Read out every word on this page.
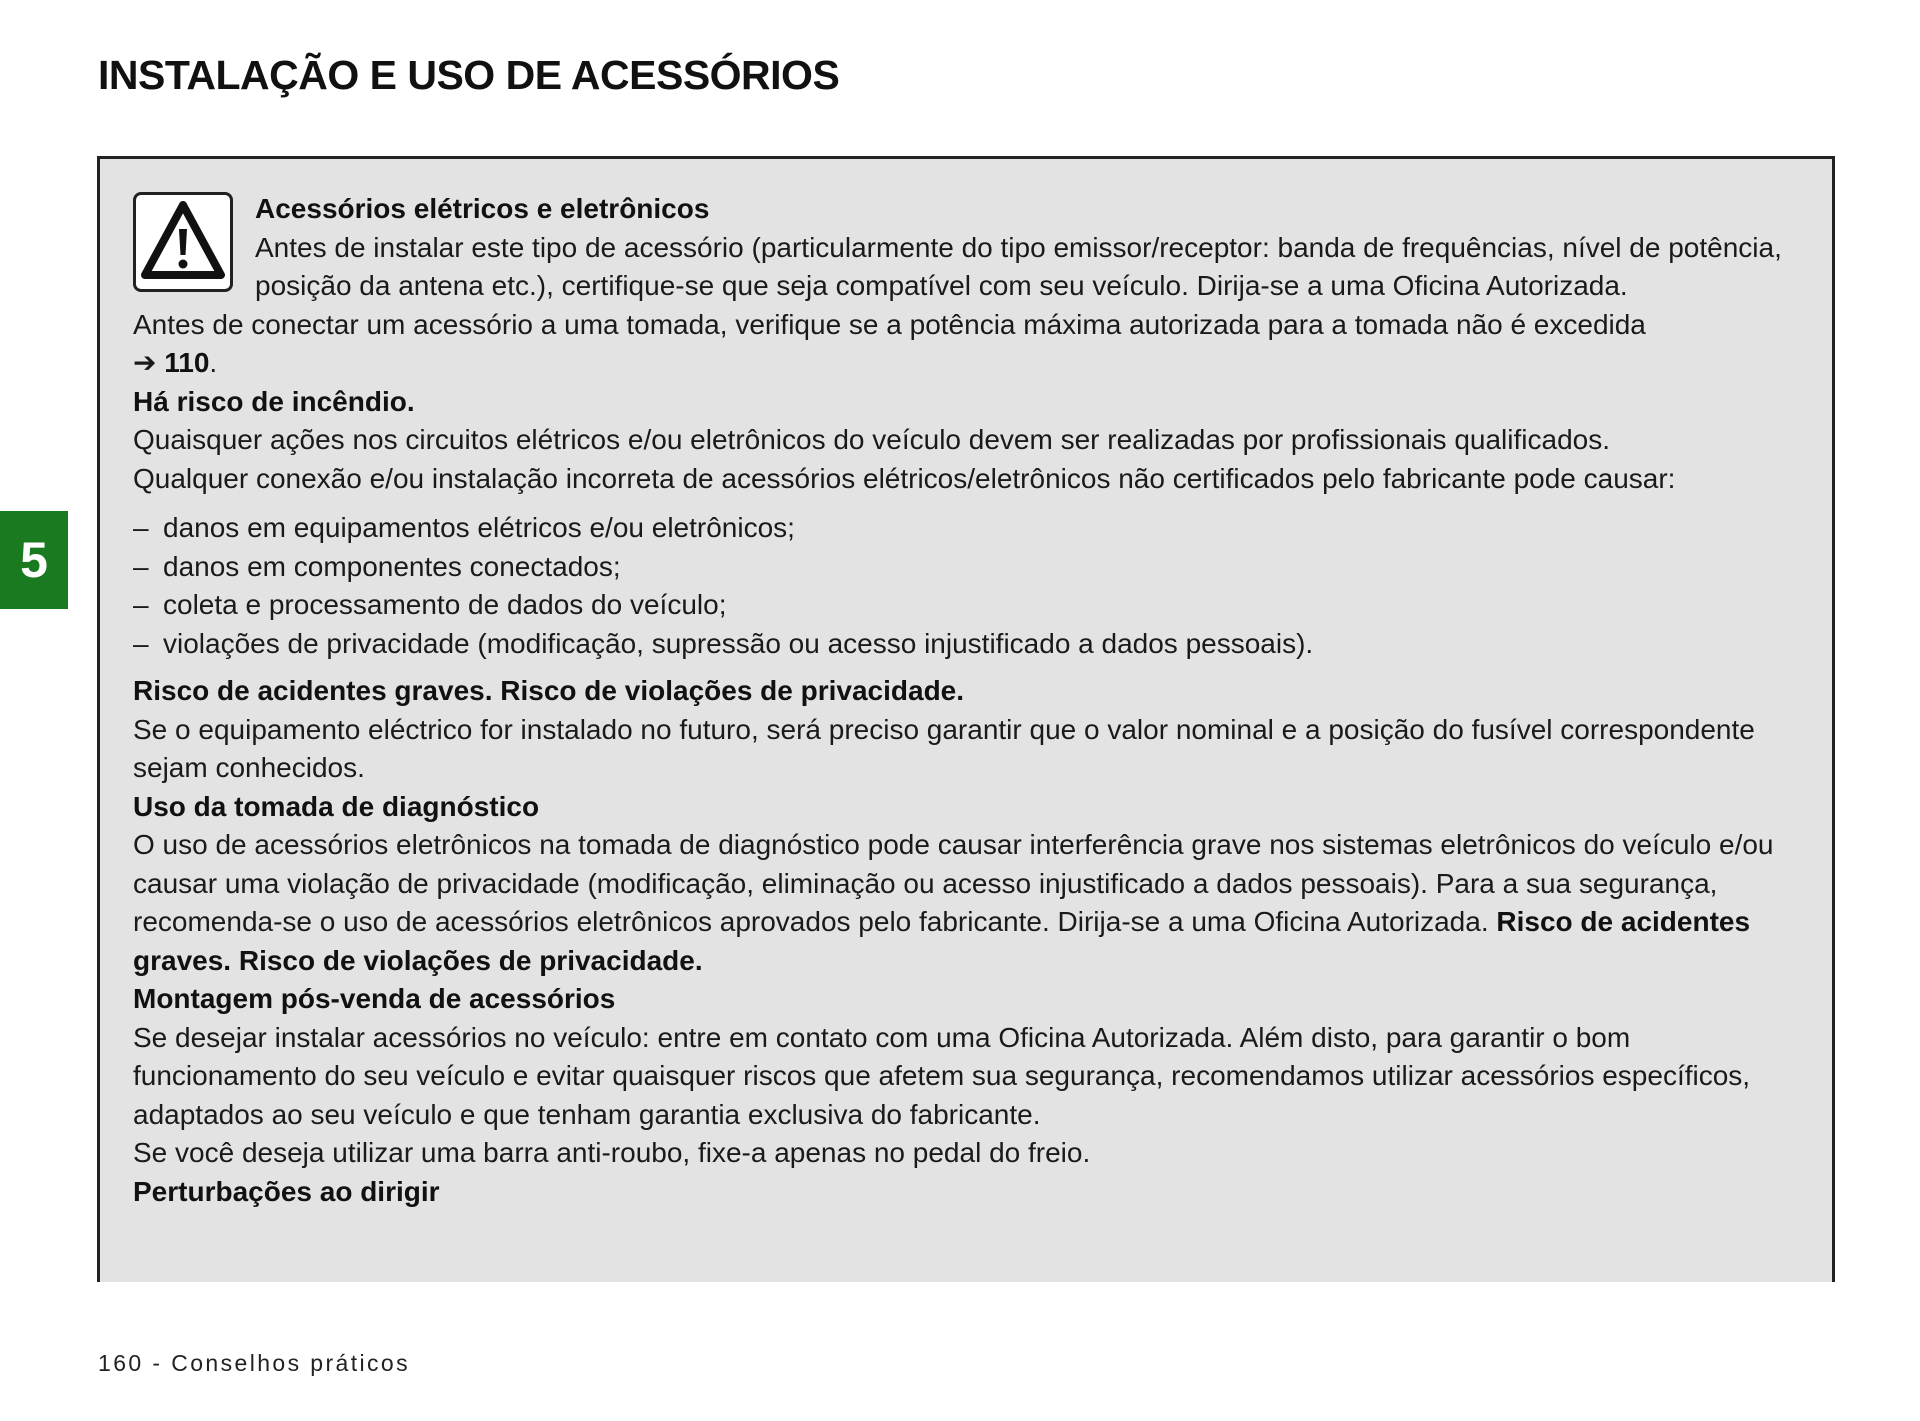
INSTALAÇÃO E USO DE ACESSÓRIOS
5

Acessórios elétricos e eletrônicos

Antes de instalar este tipo de acessório (particularmente do tipo emissor/receptor: banda de frequências, nível de potência, posição da antena etc.), certifique-se que seja compatível com seu veículo. Dirija-se a uma Oficina Autorizada.

Antes de conectar um acessório a uma tomada, verifique se a potência máxima autorizada para a tomada não é excedida
➔ 110.

Há risco de incêndio.

Quaisquer ações nos circuitos elétricos e/ou eletrônicos do veículo devem ser realizadas por profissionais qualificados.

Qualquer conexão e/ou instalação incorreta de acessórios elétricos/eletrônicos não certificados pelo fabricante pode causar:

– danos em equipamentos elétricos e/ou eletrônicos;
– danos em componentes conectados;
– coleta e processamento de dados do veículo;
– violações de privacidade (modificação, supressão ou acesso injustificado a dados pessoais).

Risco de acidentes graves. Risco de violações de privacidade.

Se o equipamento eléctrico for instalado no futuro, será preciso garantir que o valor nominal e a posição do fusível correspondente sejam conhecidos.

Uso da tomada de diagnóstico

O uso de acessórios eletrônicos na tomada de diagnóstico pode causar interferência grave nos sistemas eletrônicos do veículo e/ou causar uma violação de privacidade (modificação, eliminação ou acesso injustificado a dados pessoais). Para a sua segurança, recomenda-se o uso de acessórios eletrônicos aprovados pelo fabricante. Dirija-se a uma Oficina Autorizada. Risco de acidentes graves. Risco de violações de privacidade.

Montagem pós-venda de acessórios

Se desejar instalar acessórios no veículo: entre em contato com uma Oficina Autorizada. Além disto, para garantir o bom funcionamento do seu veículo e evitar quaisquer riscos que afetem sua segurança, recomendamos utilizar acessórios específicos, adaptados ao seu veículo e que tenham garantia exclusiva do fabricante.

Se você deseja utilizar uma barra anti-roubo, fixe-a apenas no pedal do freio.

Perturbações ao dirigir

160 - Conselhos práticos
